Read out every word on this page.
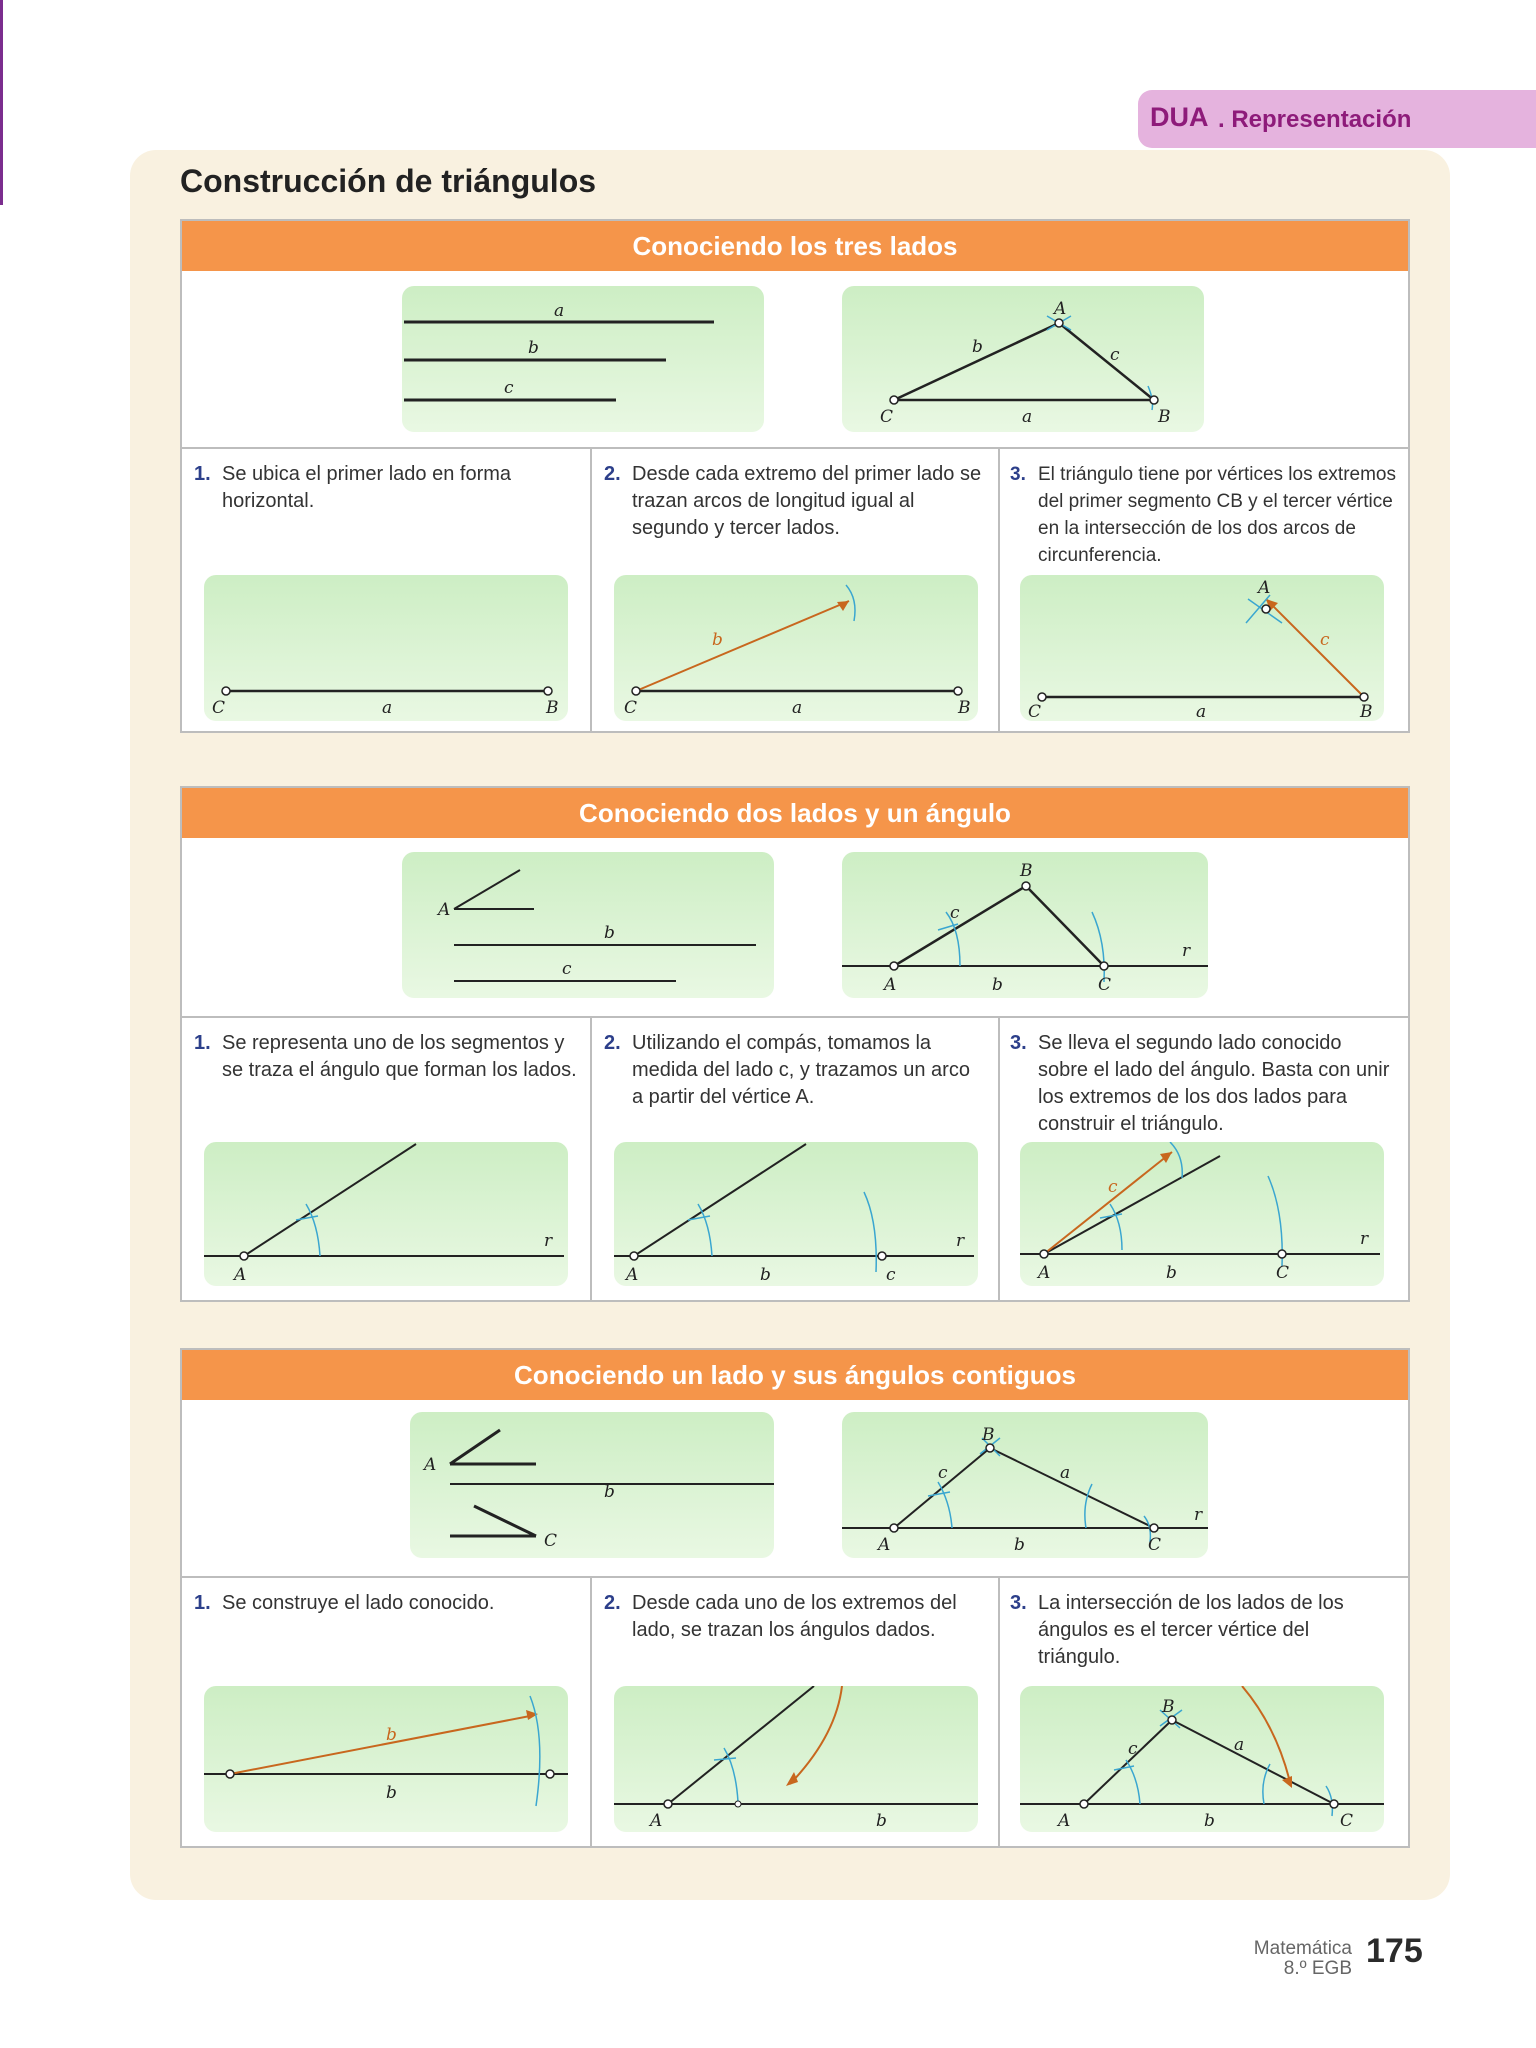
DUA . Representación
Construcción de triángulos
Conociendo los tres lados
a
b
c
A
b	c
C	a	B
1. Se ubica el primer lado en forma horizontal.
C	a	B
2. Desde cada extremo del primer lado se trazan arcos de longitud igual al segundo y tercer lados.
b
C	a	B
3. El triángulo tiene por vértices los extremos del primer segmento CB y el tercer vértice en la intersección de los dos arcos de circunferencia.
A
c
C	a	B
Conociendo dos lados y un ángulo
A
b
c
B
c
r
A	b	C
1. Se representa uno de los segmentos y se traza el ángulo que forman los lados.
A
r
2. Utilizando el compás, tomamos la medida del lado c, y trazamos un arco a partir del vértice A.
A	b	c
r
3. Se lleva el segundo lado conocido sobre el lado del ángulo. Basta con unir los extremos de los dos lados para construir el triángulo.
c
A	b	C
r
Conociendo un lado y sus ángulos contiguos
A
b
C
B
c	a
r
A	b	C
1. Se construye el lado conocido.
b
b
2. Desde cada uno de los extremos del lado, se trazan los ángulos dados.
A	b
3. La intersección de los lados de los ángulos es el tercer vértice del triángulo.
B
c	a
A	b	C
Matemática
8.º EGB 175
